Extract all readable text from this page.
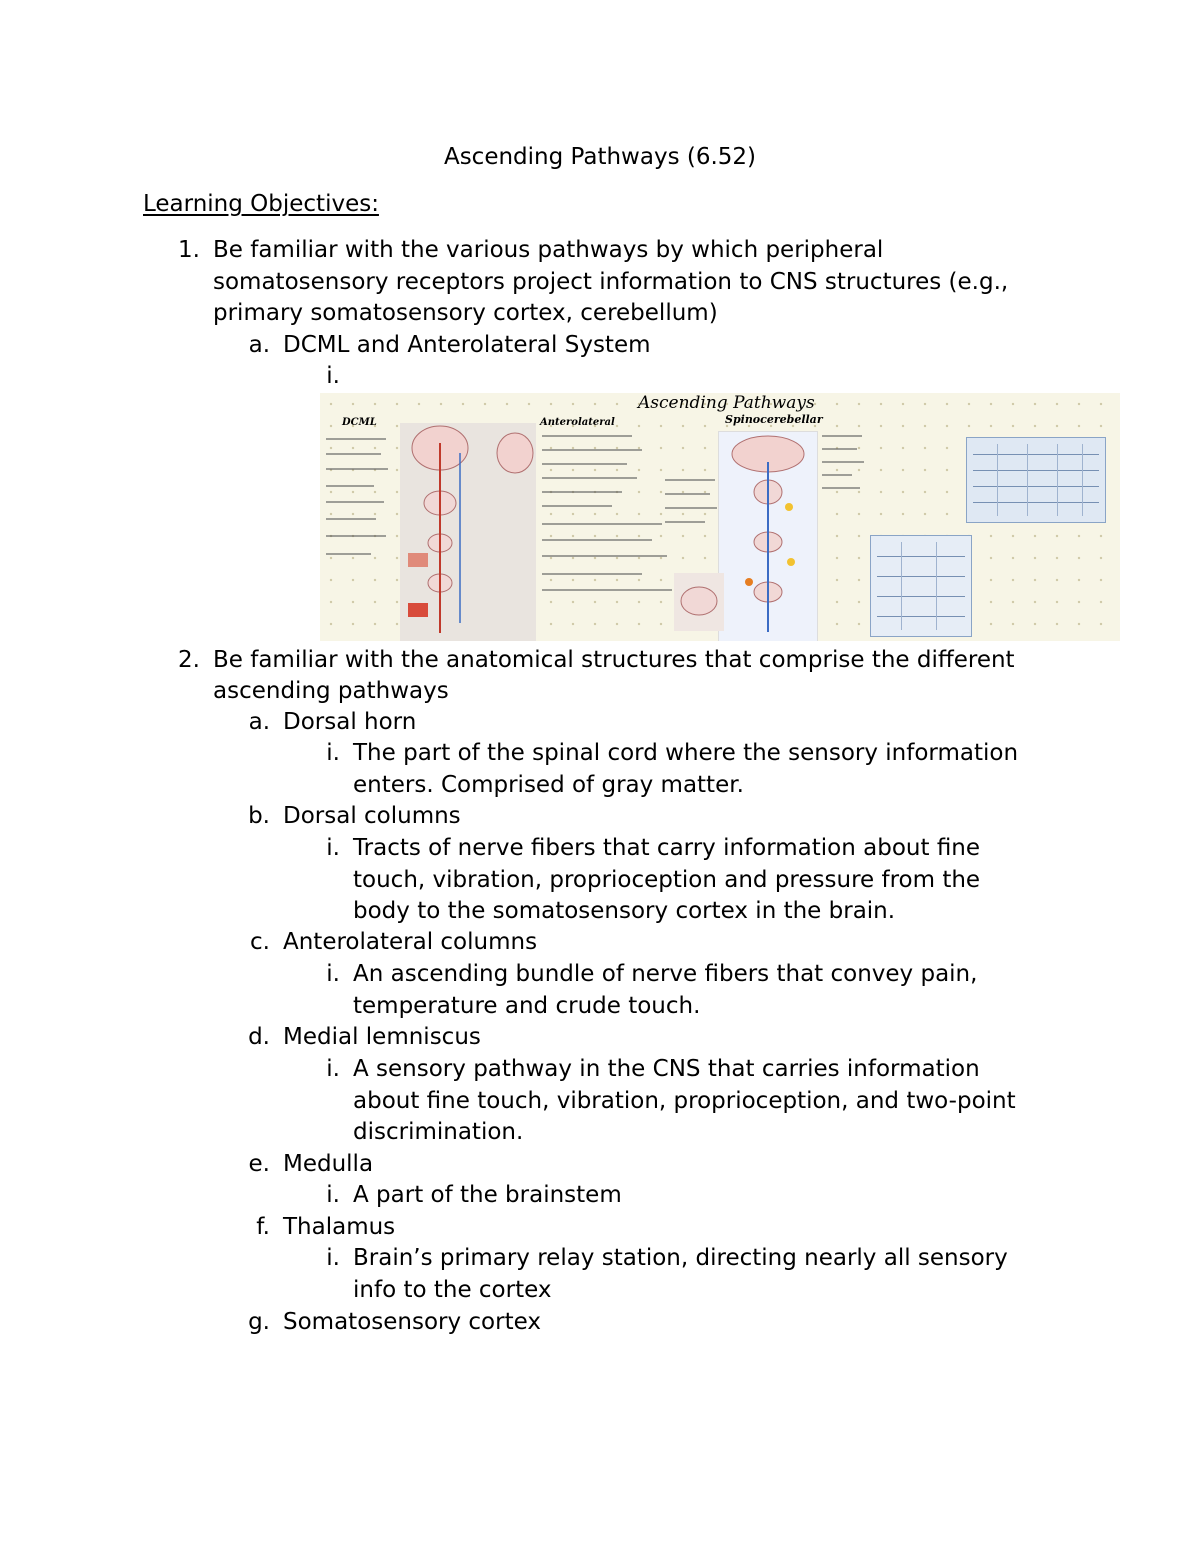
Ascending Pathways (6.52)
Learning Objectives:
1. Be familiar with the various pathways by which peripheral
somatosensory receptors project information to CNS structures (e.g.,
primary somatosensory cortex, cerebellum)
a. DCML and Anterolateral System
i.
Ascending Pathways
DCML	Anterolateral	Spinocerebellar
2. Be familiar with the anatomical structures that comprise the different
ascending pathways
a. Dorsal horn
i. The part of the spinal cord where the sensory information
enters. Comprised of gray matter.
b. Dorsal columns
i. Tracts of nerve fibers that carry information about fine
touch, vibration, proprioception and pressure from the
body to the somatosensory cortex in the brain.
c. Anterolateral columns
i. An ascending bundle of nerve fibers that convey pain,
temperature and crude touch.
d. Medial lemniscus
i. A sensory pathway in the CNS that carries information
about fine touch, vibration, proprioception, and two-point
discrimination.
e. Medulla
i. A part of the brainstem
f. Thalamus
i. Brain’s primary relay station, directing nearly all sensory
info to the cortex
g. Somatosensory cortex
